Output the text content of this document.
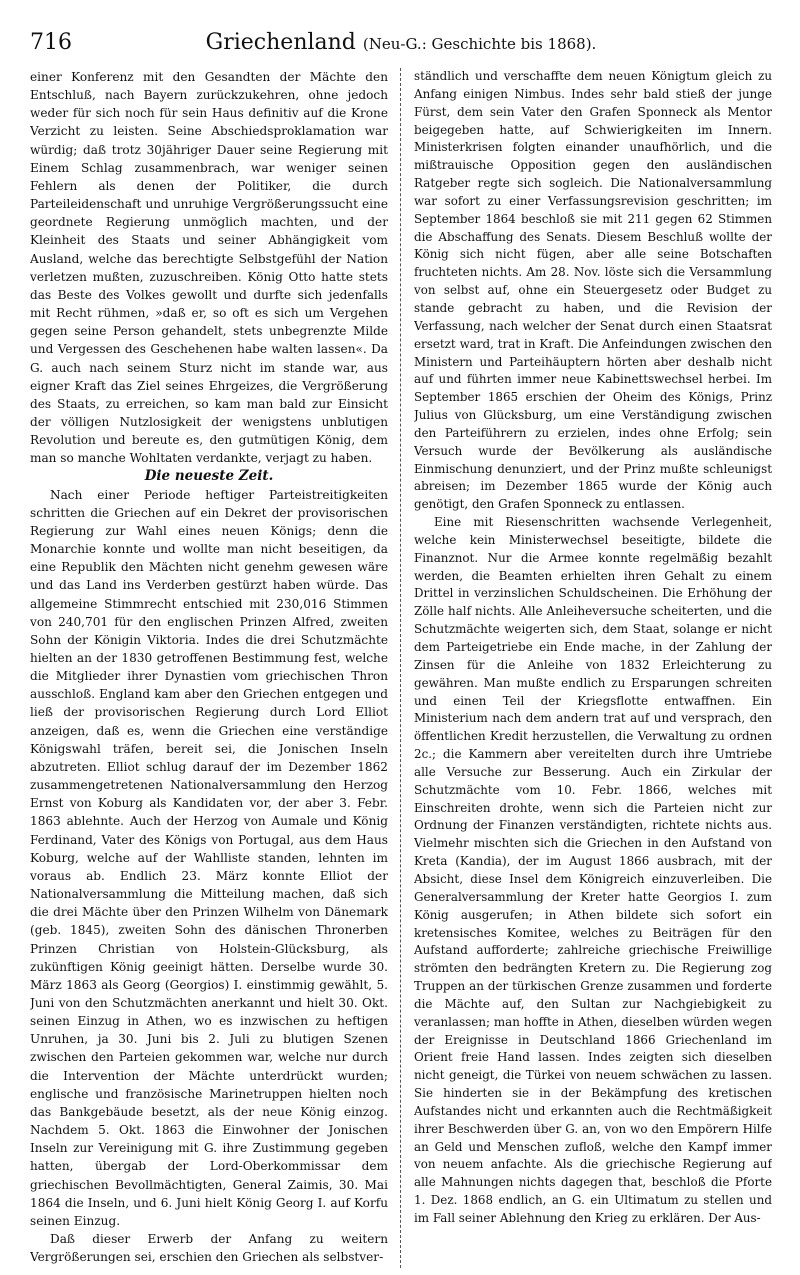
716	Griechenland (Neu-G.: Geschichte bis 1868).

einer Konferenz mit den Gesandten der Mächte den Entschluß, nach Bayern zurückzukehren, ohne jedoch weder für sich noch für sein Haus definitiv auf die Krone Verzicht zu leisten. Seine Abschiedsproklamation war würdig; daß trotz 30jähriger Dauer seine Regierung mit Einem Schlag zusammenbrach, war weniger seinen Fehlern als denen der Politiker, die durch Parteileidenschaft und unruhige Vergrößerungssucht eine geordnete Regierung unmöglich machten, und der Kleinheit des Staats und seiner Abhängigkeit vom Ausland, welche das berechtigte Selbstgefühl der Nation verletzen mußten, zuzuschreiben. König Otto hatte stets das Beste des Volkes gewollt und durfte sich jedenfalls mit Recht rühmen, »daß er, so oft es sich um Vergehen gegen seine Person gehandelt, stets unbegrenzte Milde und Vergessen des Geschehenen habe walten lassen«. Da G. auch nach seinem Sturz nicht im stande war, aus eigner Kraft das Ziel seines Ehrgeizes, die Vergrößerung des Staats, zu erreichen, so kam man bald zur Einsicht der völligen Nutzlosigkeit der wenigstens unblutigen Revolution und bereute es, den gutmütigen König, dem man so manche Wohltaten verdankte, verjagt zu haben.

Die neueste Zeit.

Nach einer Periode heftiger Parteistreitigkeiten schritten die Griechen auf ein Dekret der provisorischen Regierung zur Wahl eines neuen Königs; denn die Monarchie konnte und wollte man nicht beseitigen, da eine Republik den Mächten nicht genehm gewesen wäre und das Land ins Verderben gestürzt haben würde. Das allgemeine Stimmrecht entschied mit 230,016 Stimmen von 240,701 für den englischen Prinzen Alfred, zweiten Sohn der Königin Viktoria. Indes die drei Schutzmächte hielten an der 1830 getroffenen Bestimmung fest, welche die Mitglieder ihrer Dynastien vom griechischen Thron ausschloß. England kam aber den Griechen entgegen und ließ der provisorischen Regierung durch Lord Elliot anzeigen, daß es, wenn die Griechen eine verständige Königswahl träfen, bereit sei, die Jonischen Inseln abzutreten. Elliot schlug darauf der im Dezember 1862 zusammengetretenen Nationalversammlung den Herzog Ernst von Koburg als Kandidaten vor, der aber 3. Febr. 1863 ablehnte. Auch der Herzog von Aumale und König Ferdinand, Vater des Königs von Portugal, aus dem Haus Koburg, welche auf der Wahlliste standen, lehnten im voraus ab. Endlich 23. März konnte Elliot der Nationalversammlung die Mitteilung machen, daß sich die drei Mächte über den Prinzen Wilhelm von Dänemark (geb. 1845), zweiten Sohn des dänischen Thronerben Prinzen Christian von Holstein-Glücksburg, als zukünftigen König geeinigt hätten. Derselbe wurde 30. März 1863 als Georg (Georgios) I. einstimmig gewählt, 5. Juni von den Schutzmächten anerkannt und hielt 30. Okt. seinen Einzug in Athen, wo es inzwischen zu heftigen Unruhen, ja 30. Juni bis 2. Juli zu blutigen Szenen zwischen den Parteien gekommen war, welche nur durch die Intervention der Mächte unterdrückt wurden; englische und französische Marinetruppen hielten noch das Bankgebäude besetzt, als der neue König einzog. Nachdem 5. Okt. 1863 die Einwohner der Jonischen Inseln zur Vereinigung mit G. ihre Zustimmung gegeben hatten, übergab der Lord-Oberkommissar dem griechischen Bevollmächtigten, General Zaimis, 30. Mai 1864 die Inseln, und 6. Juni hielt König Georg I. auf Korfu seinen Einzug.

Daß dieser Erwerb der Anfang zu weitern Vergrößerungen sei, erschien den Griechen als selbstver-

ständlich und verschaffte dem neuen Königtum gleich zu Anfang einigen Nimbus. Indes sehr bald stieß der junge Fürst, dem sein Vater den Grafen Sponneck als Mentor beigegeben hatte, auf Schwierigkeiten im Innern. Ministerkrisen folgten einander unaufhörlich, und die mißtrauische Opposition gegen den ausländischen Ratgeber regte sich sogleich. Die Nationalversammlung war sofort zu einer Verfassungsrevision geschritten; im September 1864 beschloß sie mit 211 gegen 62 Stimmen die Abschaffung des Senats. Diesem Beschluß wollte der König sich nicht fügen, aber alle seine Botschaften fruchteten nichts. Am 28. Nov. löste sich die Versammlung von selbst auf, ohne ein Steuergesetz oder Budget zu stande gebracht zu haben, und die Revision der Verfassung, nach welcher der Senat durch einen Staatsrat ersetzt ward, trat in Kraft. Die Anfeindungen zwischen den Ministern und Parteihäuptern hörten aber deshalb nicht auf und führten immer neue Kabinettswechsel herbei. Im September 1865 erschien der Oheim des Königs, Prinz Julius von Glücksburg, um eine Verständigung zwischen den Parteiführern zu erzielen, indes ohne Erfolg; sein Versuch wurde der Bevölkerung als ausländische Einmischung denunziert, und der Prinz mußte schleunigst abreisen; im Dezember 1865 wurde der König auch genötigt, den Grafen Sponneck zu entlassen.

Eine mit Riesenschritten wachsende Verlegenheit, welche kein Ministerwechsel beseitigte, bildete die Finanznot. Nur die Armee konnte regelmäßig bezahlt werden, die Beamten erhielten ihren Gehalt zu einem Drittel in verzinslichen Schuldscheinen. Die Erhöhung der Zölle half nichts. Alle Anleiheversuche scheiterten, und die Schutzmächte weigerten sich, dem Staat, solange er nicht dem Parteigetriebe ein Ende mache, in der Zahlung der Zinsen für die Anleihe von 1832 Erleichterung zu gewähren. Man mußte endlich zu Ersparungen schreiten und einen Teil der Kriegsflotte entwaffnen. Ein Ministerium nach dem andern trat auf und versprach, den öffentlichen Kredit herzustellen, die Verwaltung zu ordnen 2c.; die Kammern aber vereitelten durch ihre Umtriebe alle Versuche zur Besserung. Auch ein Zirkular der Schutzmächte vom 10. Febr. 1866, welches mit Einschreiten drohte, wenn sich die Parteien nicht zur Ordnung der Finanzen verständigten, richtete nichts aus. Vielmehr mischten sich die Griechen in den Aufstand von Kreta (Kandia), der im August 1866 ausbrach, mit der Absicht, diese Insel dem Königreich einzuverleiben. Die Generalversammlung der Kreter hatte Georgios I. zum König ausgerufen; in Athen bildete sich sofort ein kretensisches Komitee, welches zu Beiträgen für den Aufstand aufforderte; zahlreiche griechische Freiwillige strömten den bedrängten Kretern zu. Die Regierung zog Truppen an der türkischen Grenze zusammen und forderte die Mächte auf, den Sultan zur Nachgiebigkeit zu veranlassen; man hoffte in Athen, dieselben würden wegen der Ereignisse in Deutschland 1866 Griechenland im Orient freie Hand lassen. Indes zeigten sich dieselben nicht geneigt, die Türkei von neuem schwächen zu lassen. Sie hinderten sie in der Bekämpfung des kretischen Aufstandes nicht und erkannten auch die Rechtmäßigkeit ihrer Beschwerden über G. an, von wo den Empörern Hilfe an Geld und Menschen zufloß, welche den Kampf immer von neuem anfachte. Als die griechische Regierung auf alle Mahnungen nichts dagegen that, beschloß die Pforte 1. Dez. 1868 endlich, an G. ein Ultimatum zu stellen und im Fall seiner Ablehnung den Krieg zu erklären. Der Aus-
